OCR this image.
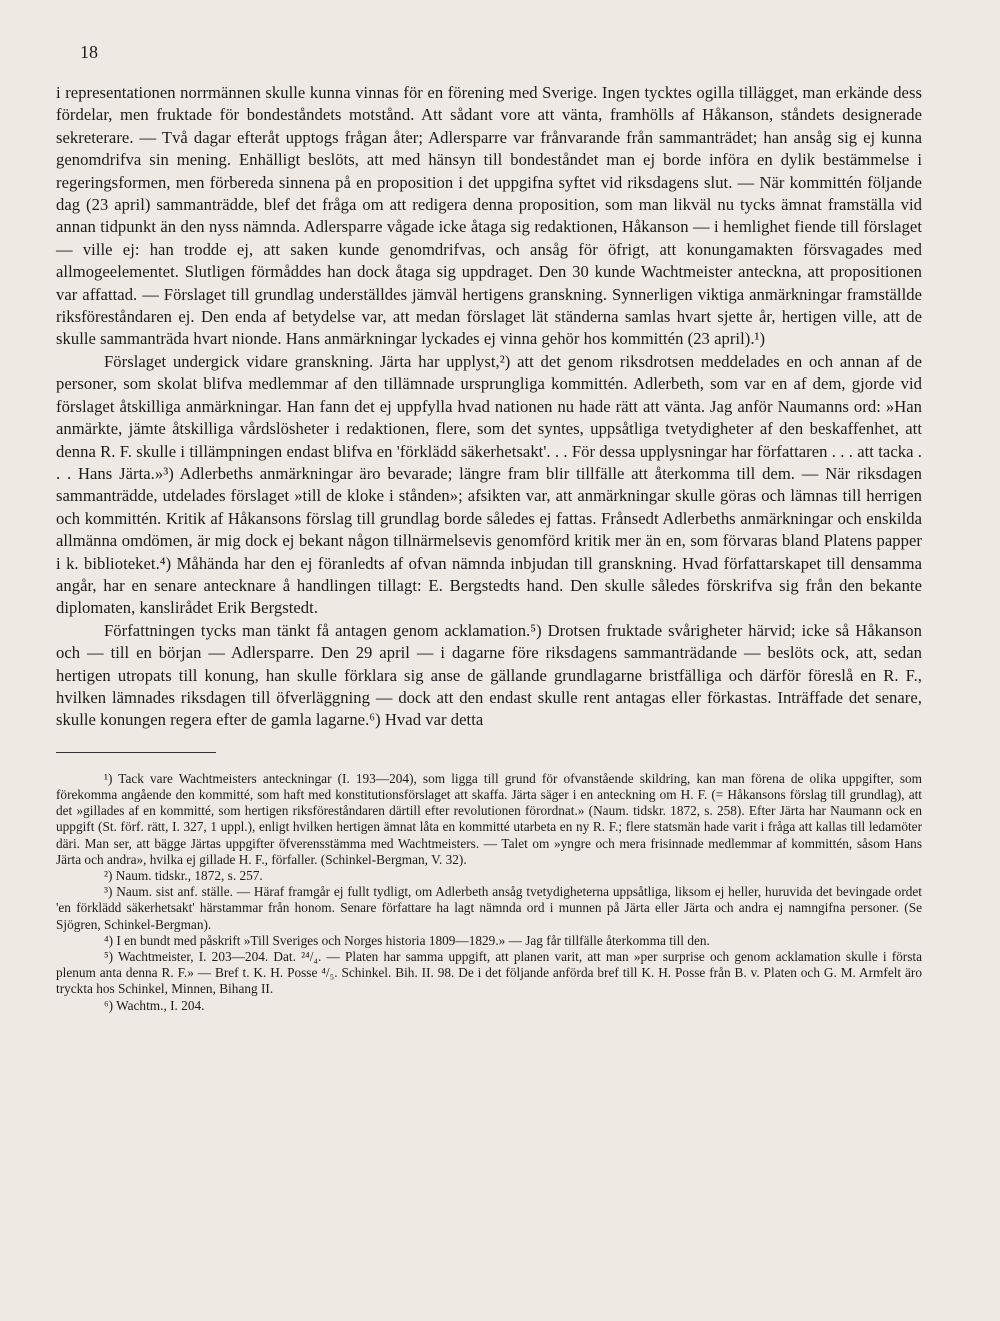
18

i representationen norrmännen skulle kunna vinnas för en förening med Sverige. Ingen tycktes ogilla tillägget, man erkände dess fördelar, men fruktade för bondeståndets motstånd. Att sådant vore att vänta, framhölls af Håkanson, ståndets designerade sekreterare. — Två dagar efteråt upptogs frågan åter; Adlersparre var frånvarande från sammanträdet; han ansåg sig ej kunna genomdrifva sin mening. Enhälligt beslöts, att med hänsyn till bondeståndet man ej borde införa en dylik bestämmelse i regeringsformen, men förbereda sinnena på en proposition i det uppgifna syftet vid riksdagens slut. — När kommittén följande dag (23 april) sammanträdde, blef det fråga om att redigera denna proposition, som man likväl nu tycks ämnat framställa vid annan tidpunkt än den nyss nämnda. Adlersparre vågade icke åtaga sig redaktionen, Håkanson — i hemlighet fiende till förslaget — ville ej: han trodde ej, att saken kunde genomdrifvas, och ansåg för öfrigt, att konungamakten försvagades med allmogeelementet. Slutligen förmåddes han dock åtaga sig uppdraget. Den 30 kunde Wachtmeister anteckna, att propositionen var affattad. — Förslaget till grundlag underställdes jämväl hertigens granskning. Synnerligen viktiga anmärkningar framställde riksföreståndaren ej. Den enda af betydelse var, att medan förslaget lät ständerna samlas hvart sjette år, hertigen ville, att de skulle sammanträda hvart nionde. Hans anmärkningar lyckades ej vinna gehör hos kommittén (23 april).¹)

Förslaget undergick vidare granskning. Järta har upplyst,²) att det genom riksdrotsen meddelades en och annan af de personer, som skolat blifva medlemmar af den tillämnade ursprungliga kommittén. Adlerbeth, som var en af dem, gjorde vid förslaget åtskilliga anmärkningar. Han fann det ej uppfylla hvad nationen nu hade rätt att vänta. Jag anför Naumanns ord: »Han anmärkte, jämte åtskilliga vårdslösheter i redaktionen, flere, som det syntes, uppsåtliga tvetydigheter af den beskaffenhet, att denna R. F. skulle i tillämpningen endast blifva en 'förklädd säkerhetsakt'. . . För dessa upplysningar har författaren . . . att tacka . . . Hans Järta.»³) Adlerbeths anmärkningar äro bevarade; längre fram blir tillfälle att återkomma till dem. — När riksdagen sammanträdde, utdelades förslaget »till de kloke i stånden»; afsikten var, att anmärkningar skulle göras och lämnas till herrigen och kommittén. Kritik af Håkansons förslag till grundlag borde således ej fattas. Frånsedt Adlerbeths anmärkningar och enskilda allmänna omdömen, är mig dock ej bekant någon tillnärmelsevis genomförd kritik mer än en, som förvaras bland Platens papper i k. biblioteket.⁴) Måhända har den ej föranledts af ofvan nämnda inbjudan till granskning. Hvad författarskapet till densamma angår, har en senare antecknare å handlingen tillagt: E. Bergstedts hand. Den skulle således förskrifva sig från den bekante diplomaten, kanslirådet Erik Bergstedt.

Författningen tycks man tänkt få antagen genom acklamation.⁵) Drotsen fruktade svårigheter härvid; icke så Håkanson och — till en början — Adlersparre. Den 29 april — i dagarne före riksdagens sammanträdande — beslöts ock, att, sedan hertigen utropats till konung, han skulle förklara sig anse de gällande grundlagarne bristfälliga och därför föreslå en R. F., hvilken lämnades riksdagen till öfverläggning — dock att den endast skulle rent antagas eller förkastas. Inträffade det senare, skulle konungen regera efter de gamla lagarne.⁶) Hvad var detta

¹) Tack vare Wachtmeisters anteckningar (I. 193—204), som ligga till grund för ofvanstående skildring, kan man förena de olika uppgifter, som förekomma angående den kommitté, som haft med konstitutionsförslaget att skaffa. Järta säger i en anteckning om H. F. (= Håkansons förslag till grundlag), att det »gillades af en kommitté, som hertigen riksföreståndaren därtill efter revolutionen förordnat.» (Naum. tidskr. 1872, s. 258). Efter Järta har Naumann ock en uppgift (St. förf. rätt, I. 327, 1 uppl.), enligt hvilken hertigen ämnat låta en kommitté utarbeta en ny R. F.; flere statsmän hade varit i fråga att kallas till ledamöter däri. Man ser, att bägge Järtas uppgifter öfverensstämma med Wachtmeisters. — Talet om »yngre och mera frisinnade medlemmar af kommittén, såsom Hans Järta och andra», hvilka ej gillade H. F., förfaller. (Schinkel-Bergman, V. 32).

²) Naum. tidskr., 1872, s. 257.

³) Naum. sist anf. ställe. — Häraf framgår ej fullt tydligt, om Adlerbeth ansåg tvetydigheterna uppsåtliga, liksom ej heller, huruvida det bevingade ordet 'en förklädd säkerhetsakt' härstammar från honom. Senare författare ha lagt nämnda ord i munnen på Järta eller Järta och andra ej namngifna personer. (Se Sjögren, Schinkel-Bergman).

⁴) I en bundt med påskrift »Till Sveriges och Norges historia 1809—1829.» — Jag får tillfälle återkomma till den.

⁵) Wachtmeister, I. 203—204. Dat. ²⁴/₄. — Platen har samma uppgift, att planen varit, att man »per surprise och genom acklamation skulle i första plenum anta denna R. F.» — Bref t. K. H. Posse ⁴/₅. Schinkel. Bih. II. 98. De i det följande anförda bref till K. H. Posse från B. v. Platen och G. M. Armfelt äro tryckta hos Schinkel, Minnen, Bihang II.

⁶) Wachtm., I. 204.
